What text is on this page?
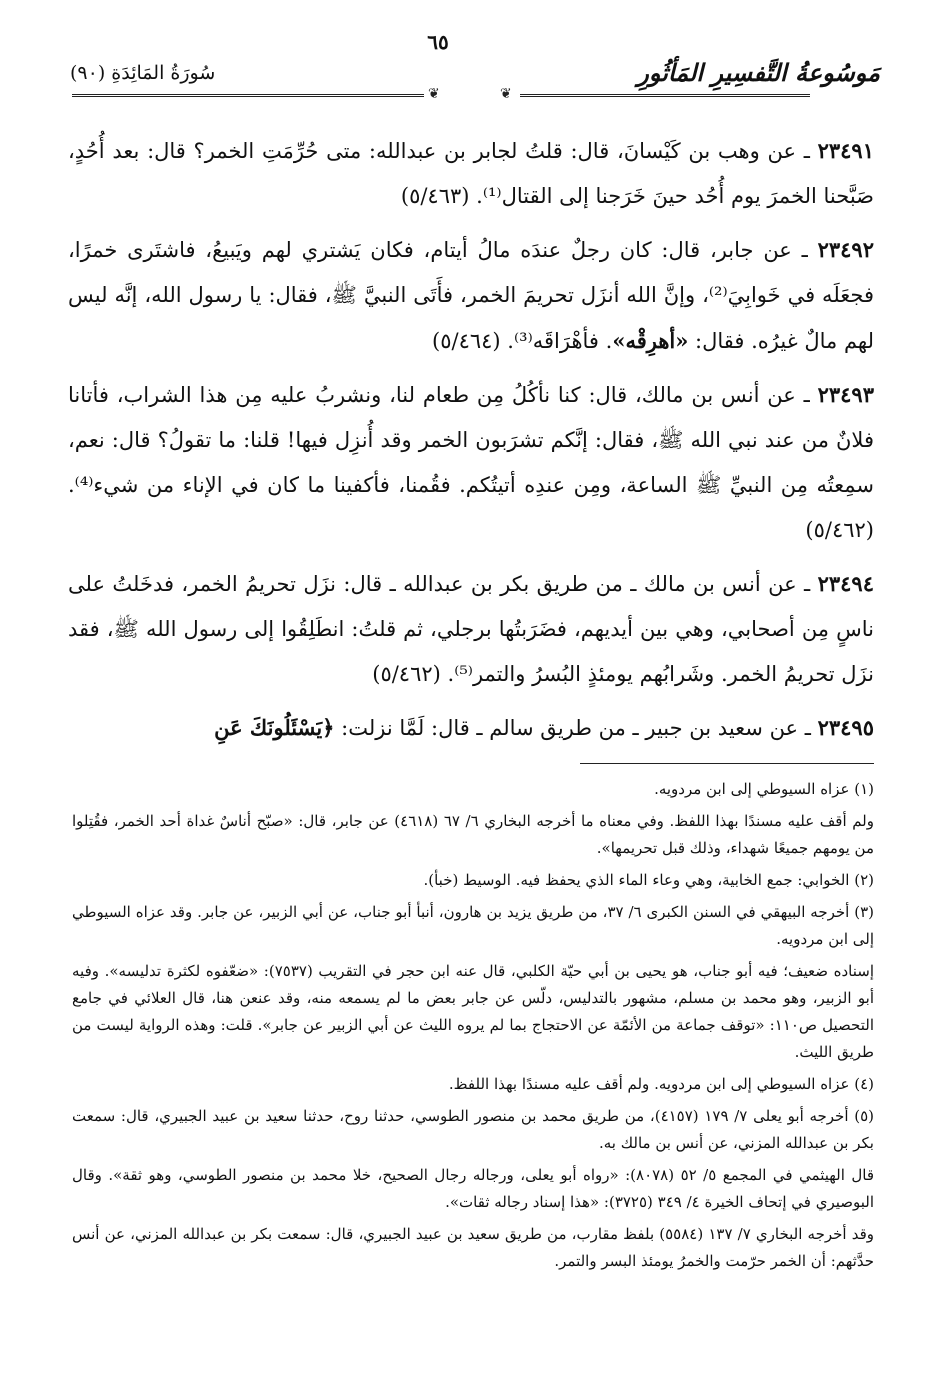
مَوسُوعةُ التَّفسِيرِ المَأثُورِ
سُورَةُ المَائِدَةِ (٩٠)
❦
٦٥
❦

٢٣٤٩١ ـ عن وهب بن كَيْسانَ، قال: قلتُ لجابر بن عبدالله: متى حُرِّمَتِ الخمر؟ قال: بعد أُحُدٍ، صَبَّحنا الخمرَ يوم أُحُد حينَ خَرَجنا إلى القتال⁽¹⁾. (٥/٤٦٣)

٢٣٤٩٢ ـ عن جابر، قال: كان رجلٌ عندَه مالُ أيتام، فكان يَشتري لهم ويَبيعُ، فاشتَرى خمرًا، فجعَلَه في خَوابِيَ⁽²⁾، وإنَّ الله أنزَل تحريمَ الخمر، فأَتَى النبيَّ ﷺ، فقال: يا رسول الله، إنَّه ليس لهم مالٌ غيرُه. فقال: «أهرِقْه». فأهْرَاقَه⁽³⁾. (٥/٤٦٤)

٢٣٤٩٣ ـ عن أنس بن مالك، قال: كنا نأكُلُ مِن طعام لنا، ونشربُ عليه مِن هذا الشراب، فأتانا فلانٌ من عند نبي الله ﷺ، فقال: إنَّكم تشرَبون الخمر وقد أُنزِل فيها! قلنا: ما تقولُ؟ قال: نعم، سمِعتُه مِن النبيِّ ﷺ الساعة، ومِن عندِه أتيتُكم. فقُمنا، فأكفينا ما كان في الإناء من شيء⁽⁴⁾. (٥/٤٦٢)

٢٣٤٩٤ ـ عن أنس بن مالك ـ من طريق بكر بن عبدالله ـ قال: نزَل تحريمُ الخمر، فدخَلتُ على ناسٍ مِن أصحابي، وهي بين أيديهم، فضَرَبتُها برجلي، ثم قلتُ: انطَلِقُوا إلى رسول الله ﷺ، فقد نزَل تحريمُ الخمر. وشَرابُهم يومئذٍ البُسرُ والتمر⁽⁵⁾. (٥/٤٦٢)

٢٣٤٩٥ ـ عن سعيد بن جبير ـ من طريق سالم ـ قال: لَمَّا نزلت: ﴿يَسْئَلُونَكَ عَنِ

(١) عزاه السيوطي إلى ابن مردويه.

ولم أقف عليه مسندًا بهذا اللفظ. وفي معناه ما أخرجه البخاري ٦/ ٦٧ (٤٦١٨) عن جابر، قال: «صبّح أناسٌ غداة أحد الخمر، فقُتِلوا من يومهم جميعًا شهداء، وذلك قبل تحريمها».

(٢) الخوابي: جمع الخابية، وهي وعاء الماء الذي يحفظ فيه. الوسيط (خبأ).

(٣) أخرجه البيهقي في السنن الكبرى ٦/ ٣٧، من طريق يزيد بن هارون، أنبأ أبو جناب، عن أبي الزبير، عن جابر. وقد عزاه السيوطي إلى ابن مردويه.

إسناده ضعيف؛ فيه أبو جناب، هو يحيى بن أبي حيّة الكلبي، قال عنه ابن حجر في التقريب (٧٥٣٧): «ضعّفوه لكثرة تدليسه». وفيه أبو الزبير، وهو محمد بن مسلم، مشهور بالتدليس، دلّس عن جابر بعض ما لم يسمعه منه، وقد عنعن هنا، قال العلائي في جامع التحصيل ص١١٠: «توقف جماعة من الأئمّة عن الاحتجاج بما لم يروه الليث عن أبي الزبير عن جابر». قلت: وهذه الرواية ليست من طريق الليث.

(٤) عزاه السيوطي إلى ابن مردويه. ولم أقف عليه مسندًا بهذا اللفظ.

(٥) أخرجه أبو يعلى ٧/ ١٧٩ (٤١٥٧)، من طريق محمد بن منصور الطوسي، حدثنا روح، حدثنا سعيد بن عبيد الجبيري، قال: سمعت بكر بن عبدالله المزني، عن أنس بن مالك به.

قال الهيثمي في المجمع ٥/ ٥٢ (٨٠٧٨): «رواه أبو يعلى، ورجاله رجال الصحيح، خلا محمد بن منصور الطوسي، وهو ثقة». وقال البوصيري في إتحاف الخيرة ٤/ ٣٤٩ (٣٧٢٥): «هذا إسناد رجاله ثقات».

وقد أخرجه البخاري ٧/ ١٣٧ (٥٥٨٤) بلفظ مقارب، من طريق سعيد بن عبيد الجبيري، قال: سمعت بكر بن عبدالله المزني، عن أنس حدَّثهم: أن الخمر حرّمت والخمرُ يومئذ البسر والتمر.
